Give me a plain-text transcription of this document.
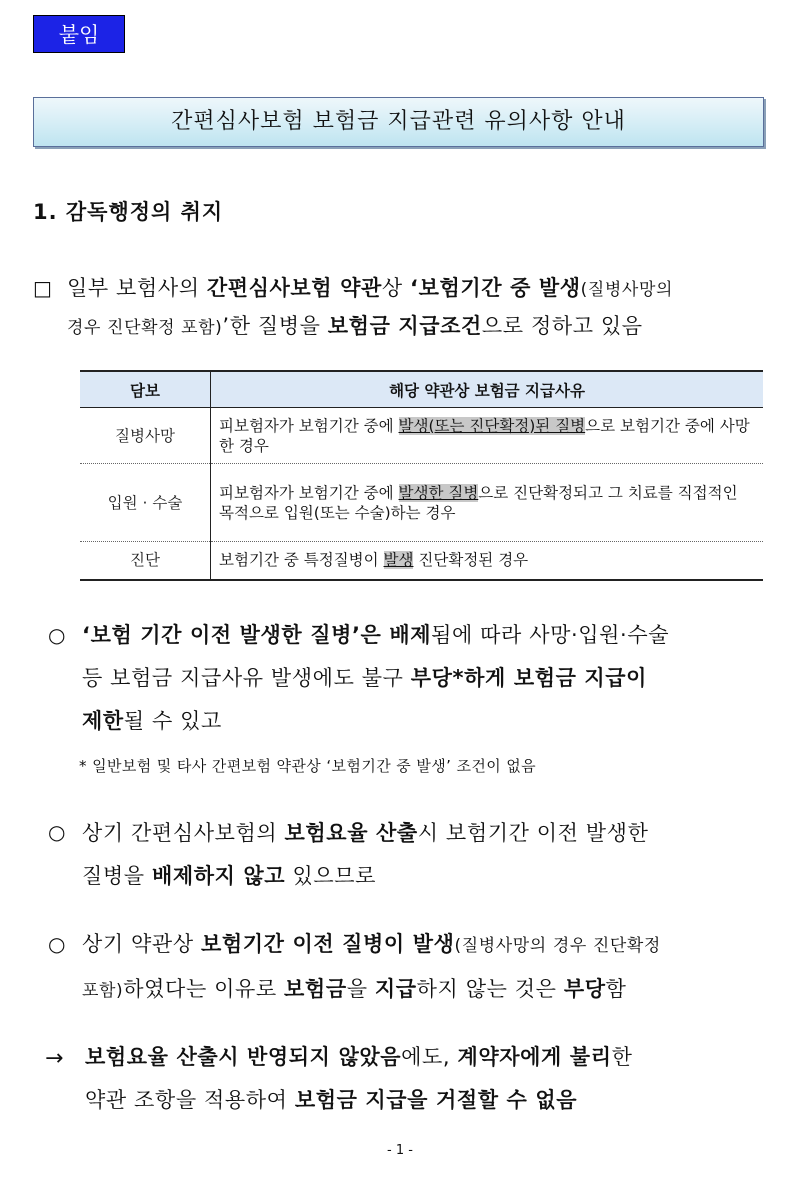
붙임
간편심사보험 보험금 지급관련 유의사항 안내
1. 감독행정의 취지
□ 일부 보험사의 간편심사보험 약관상 ‘보험기간 중 발생(질병사망의
경우 진단확정 포함)’한 질병을 보험금 지급조건으로 정하고 있음
담보	해당 약관상 보험금 지급사유
질병사망	피보험자가 보험기간 중에 발생(또는 진단확정)된 질병으로 보험기간 중에 사망한 경우
입원 · 수술	피보험자가 보험기간 중에 발생한 질병으로 진단확정되고 그 치료를 직접적인 목적으로 입원(또는 수술)하는 경우
진단	보험기간 중 특정질병이 발생 진단확정된 경우
○ ‘보험 기간 이전 발생한 질병’은 배제됨에 따라 사망·입원·수술
등 보험금 지급사유 발생에도 불구 부당*하게 보험금 지급이
제한될 수 있고
* 일반보험 및 타사 간편보험 약관상 ‘보험기간 중 발생’ 조건이 없음
○ 상기 간편심사보험의 보험요율 산출시 보험기간 이전 발생한
질병을 배제하지 않고 있으므로
○ 상기 약관상 보험기간 이전 질병이 발생(질병사망의 경우 진단확정
포함)하였다는 이유로 보험금을 지급하지 않는 것은 부당함
→ 보험요율 산출시 반영되지 않았음에도, 계약자에게 불리한
약관 조항을 적용하여 보험금 지급을 거절할 수 없음
- 1 -
